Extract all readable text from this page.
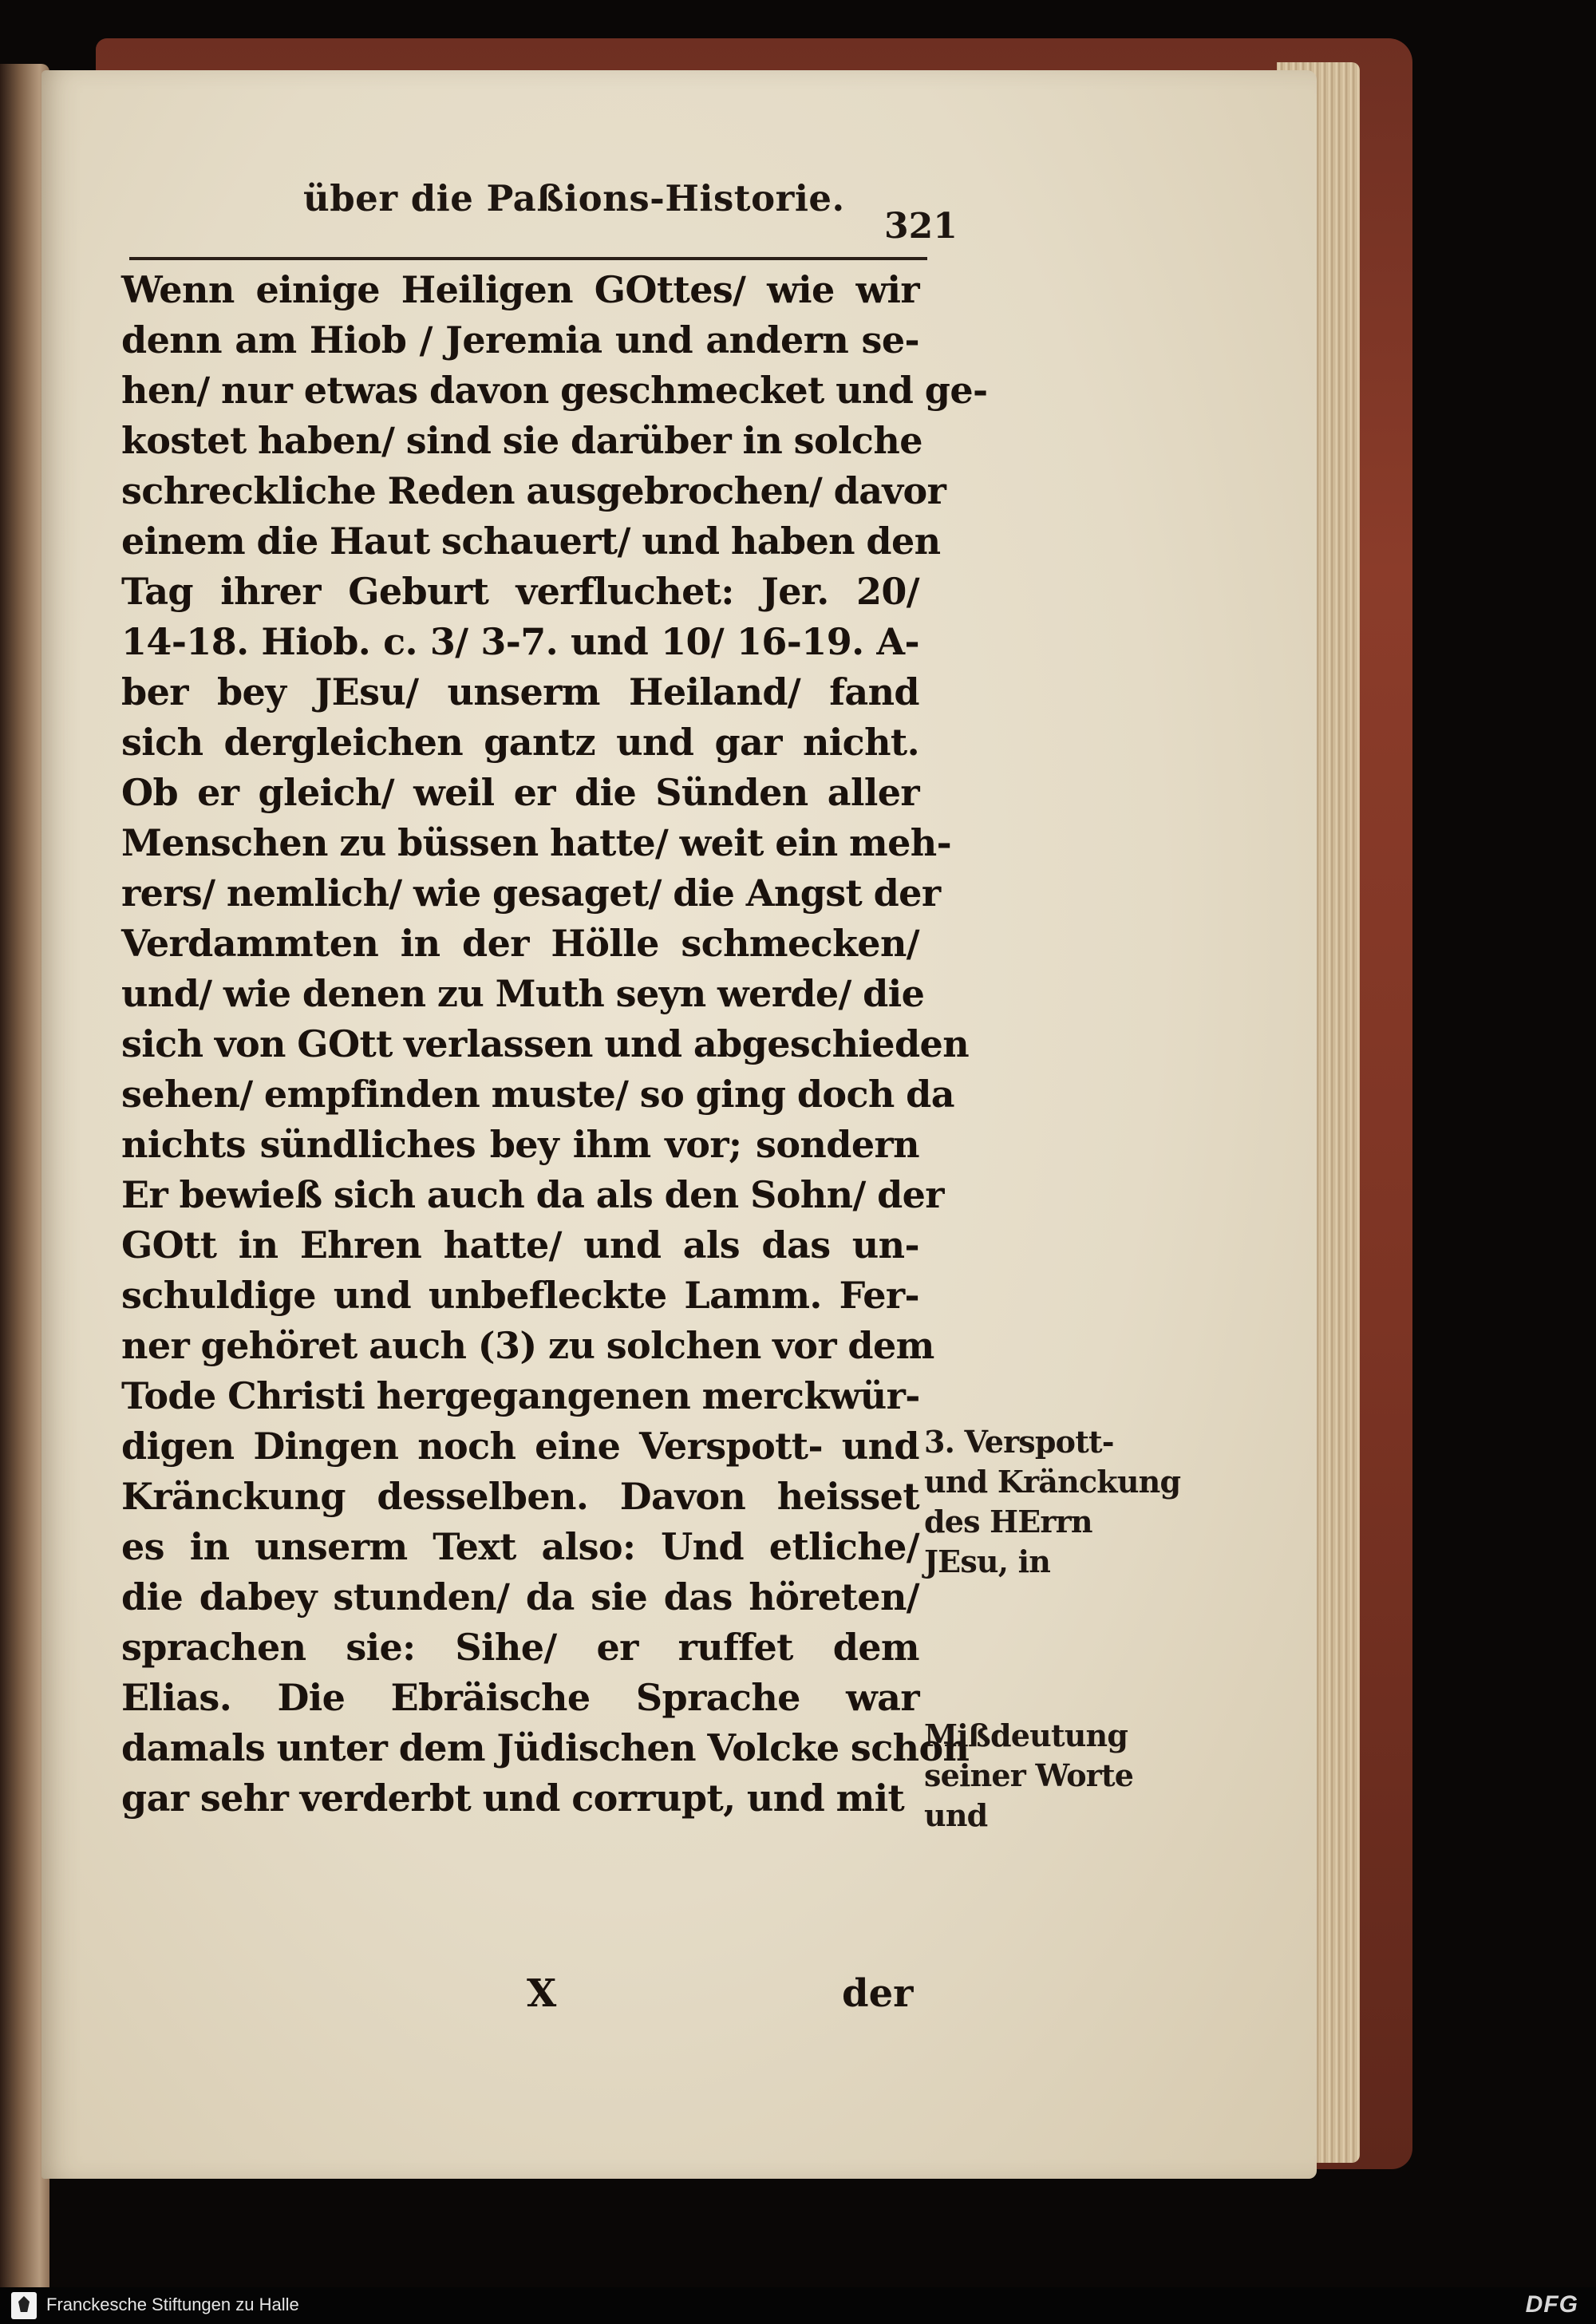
über die Paßions-Historie.
321
Wenn einige Heiligen GOttes/ wie wir
denn am Hiob / Jeremia und andern se-
hen/ nur etwas davon geschmecket und ge-
kostet haben/ sind sie darüber in solche
schreckliche Reden ausgebrochen/ davor
einem die Haut schauert/ und haben den
Tag ihrer Geburt verfluchet: Jer. 20/
14-18. Hiob. c. 3/ 3-7. und 10/ 16-19. A-
ber bey JEsu/ unserm Heiland/ fand
sich dergleichen gantz und gar nicht.
Ob er gleich/ weil er die Sünden aller
Menschen zu büssen hatte/ weit ein meh-
rers/ nemlich/ wie gesaget/ die Angst der
Verdammten in der Hölle schmecken/
und/ wie denen zu Muth seyn werde/ die
sich von GOtt verlassen und abgeschieden
sehen/ empfinden muste/ so ging doch da
nichts sündliches bey ihm vor; sondern
Er bewieß sich auch da als den Sohn/ der
GOtt in Ehren hatte/ und als das un-
schuldige und unbefleckte Lamm. Fer-
ner gehöret auch (3) zu solchen vor dem
Tode Christi hergegangenen merckwür-
digen Dingen noch eine Verspott- und
Kränckung desselben. Davon heisset
es in unserm Text also: Und etliche/
die dabey stunden/ da sie das höreten/
sprachen sie: Sihe/ er ruffet dem
Elias. Die Ebräische Sprache war
damals unter dem Jüdischen Volcke schon
gar sehr verderbt und corrupt, und mit
X	der
3. Verspott-
und Kränckung
des HErrn
JEsu, in
Mißdeutung
seiner Worte
und
Franckesche Stiftungen zu Halle	DFG
